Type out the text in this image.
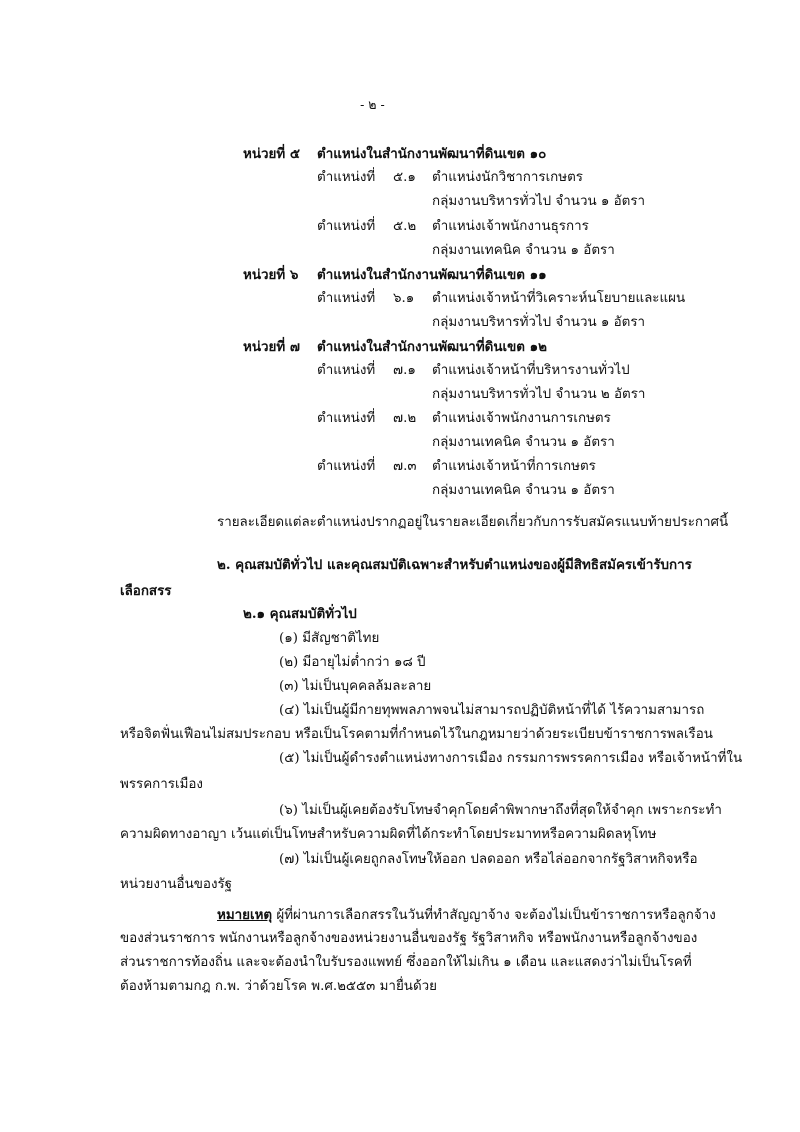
- ๒ -
หน่วยที่ ๕ ตำแหน่งในสำนักงานพัฒนาที่ดินเขต ๑๐
ตำแหน่งที่ ๕.๑ ตำแหน่งนักวิชาการเกษตร
กลุ่มงานบริหารทั่วไป จำนวน ๑ อัตรา
ตำแหน่งที่ ๕.๒ ตำแหน่งเจ้าพนักงานธุรการ
กลุ่มงานเทคนิค จำนวน ๑ อัตรา
หน่วยที่ ๖ ตำแหน่งในสำนักงานพัฒนาที่ดินเขต ๑๑
ตำแหน่งที่ ๖.๑ ตำแหน่งเจ้าหน้าที่วิเคราะห์นโยบายและแผน
กลุ่มงานบริหารทั่วไป จำนวน ๑ อัตรา
หน่วยที่ ๗ ตำแหน่งในสำนักงานพัฒนาที่ดินเขต ๑๒
ตำแหน่งที่ ๗.๑ ตำแหน่งเจ้าหน้าที่บริหารงานทั่วไป
กลุ่มงานบริหารทั่วไป จำนวน ๒ อัตรา
ตำแหน่งที่ ๗.๒ ตำแหน่งเจ้าพนักงานการเกษตร
กลุ่มงานเทคนิค จำนวน ๑ อัตรา
ตำแหน่งที่ ๗.๓ ตำแหน่งเจ้าหน้าที่การเกษตร
กลุ่มงานเทคนิค จำนวน ๑ อัตรา
รายละเอียดแต่ละตำแหน่งปรากฏอยู่ในรายละเอียดเกี่ยวกับการรับสมัครแนบท้ายประกาศนี้
๒. คุณสมบัติทั่วไป และคุณสมบัติเฉพาะสำหรับตำแหน่งของผู้มีสิทธิสมัครเข้ารับการ
เลือกสรร
๒.๑ คุณสมบัติทั่วไป
(๑) มีสัญชาติไทย
(๒) มีอายุไม่ต่ำกว่า ๑๘ ปี
(๓) ไม่เป็นบุคคลล้มละลาย
(๔) ไม่เป็นผู้มีกายทุพพลภาพจนไม่สามารถปฏิบัติหน้าที่ได้ ไร้ความสามารถ
หรือจิตฟั่นเฟือนไม่สมประกอบ หรือเป็นโรคตามที่กำหนดไว้ในกฎหมายว่าด้วยระเบียบข้าราชการพลเรือน
(๕) ไม่เป็นผู้ดำรงตำแหน่งทางการเมือง กรรมการพรรคการเมือง หรือเจ้าหน้าที่ใน
พรรคการเมือง
(๖) ไม่เป็นผู้เคยต้องรับโทษจำคุกโดยคำพิพากษาถึงที่สุดให้จำคุก เพราะกระทำ
ความผิดทางอาญา เว้นแต่เป็นโทษสำหรับความผิดที่ได้กระทำโดยประมาทหรือความผิดลหุโทษ
(๗) ไม่เป็นผู้เคยถูกลงโทษให้ออก ปลดออก หรือไล่ออกจากรัฐวิสาหกิจหรือ
หน่วยงานอื่นของรัฐ
หมายเหตุ ผู้ที่ผ่านการเลือกสรรในวันที่ทำสัญญาจ้าง จะต้องไม่เป็นข้าราชการหรือลูกจ้าง
ของส่วนราชการ พนักงานหรือลูกจ้างของหน่วยงานอื่นของรัฐ รัฐวิสาหกิจ หรือพนักงานหรือลูกจ้างของ
ส่วนราชการท้องถิ่น และจะต้องนำใบรับรองแพทย์ ซึ่งออกให้ไม่เกิน ๑ เดือน และแสดงว่าไม่เป็นโรคที่
ต้องห้ามตามกฎ ก.พ. ว่าด้วยโรค พ.ศ.๒๕๕๓ มายื่นด้วย
